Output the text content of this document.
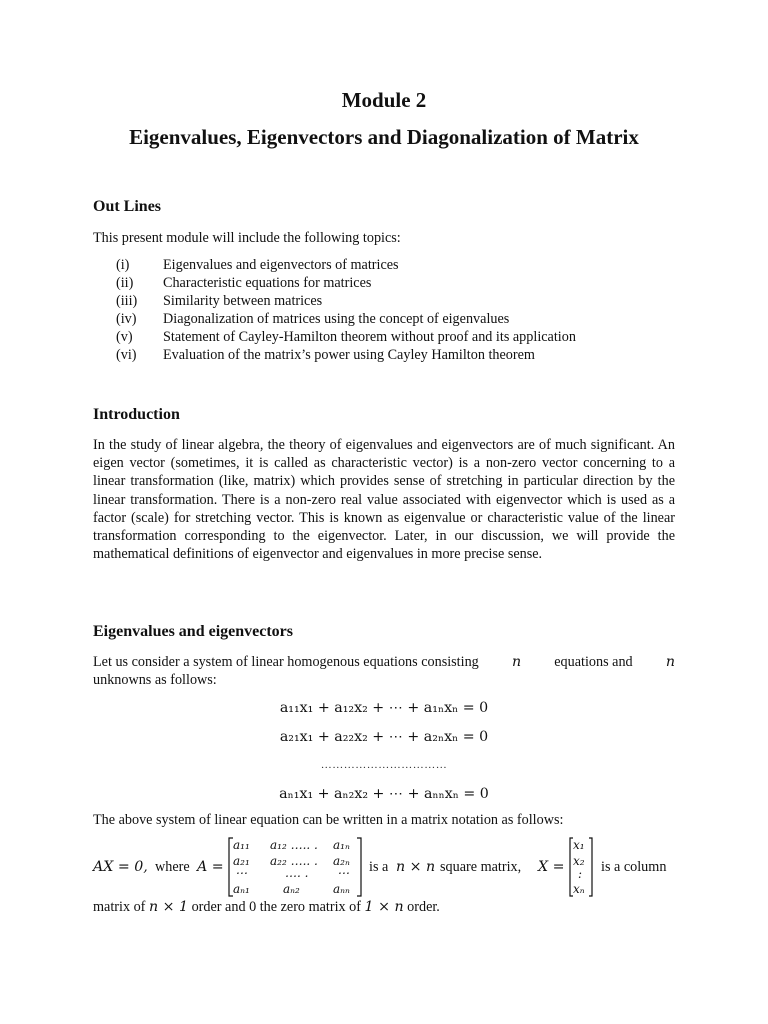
Module 2
Eigenvalues, Eigenvectors and Diagonalization of Matrix
Out Lines
This present module will include the following topics:
(i)	Eigenvalues and eigenvectors of matrices
(ii)	Characteristic equations for matrices
(iii)	Similarity between matrices
(iv)	Diagonalization of matrices using the concept of eigenvalues
(v)	Statement of Cayley-Hamilton theorem without proof and its application
(vi)	Evaluation of the matrix’s power using Cayley Hamilton theorem
Introduction
In the study of linear algebra, the theory of eigenvalues and eigenvectors are of much significant. An eigen vector (sometimes, it is called as characteristic vector) is a non-zero vector concerning to a linear transformation (like, matrix) which provides sense of stretching in particular direction by the linear transformation. There is a non-zero real value associated with eigenvector which is used as a factor (scale) for stretching vector. This is known as eigenvalue or characteristic value of the linear transformation corresponding to the eigenvector. Later, in our discussion, we will provide the mathematical definitions of eigenvector and eigenvalues in more precise sense.
Eigenvalues and eigenvectors
Let us consider a system of linear homogenous equations consisting n equations and n
unknowns as follows:
a₁₁x₁ + a₁₂x₂ + ⋯ + a₁ₙxₙ = 0
a₂₁x₁ + a₂₂x₂ + ⋯ + a₂ₙxₙ = 0
……………………………
aₙ₁x₁ + aₙ₂x₂ + ⋯ + aₙₙxₙ = 0
The above system of linear equation can be written in a matrix notation as follows:
AX = 0, where A =
a₁₁ a₁₂ ….. . a₁ₙ
a₂₁ a₂₂ ….. . a₂ₙ
⋯	…. . ⋯
aₙ₁	aₙ₂	aₙₙ
is a n × n square matrix, X =
x₁
x₂
:
xₙ
is a column
matrix of n × 1 order and 0 the zero matrix of 1 × n order.
